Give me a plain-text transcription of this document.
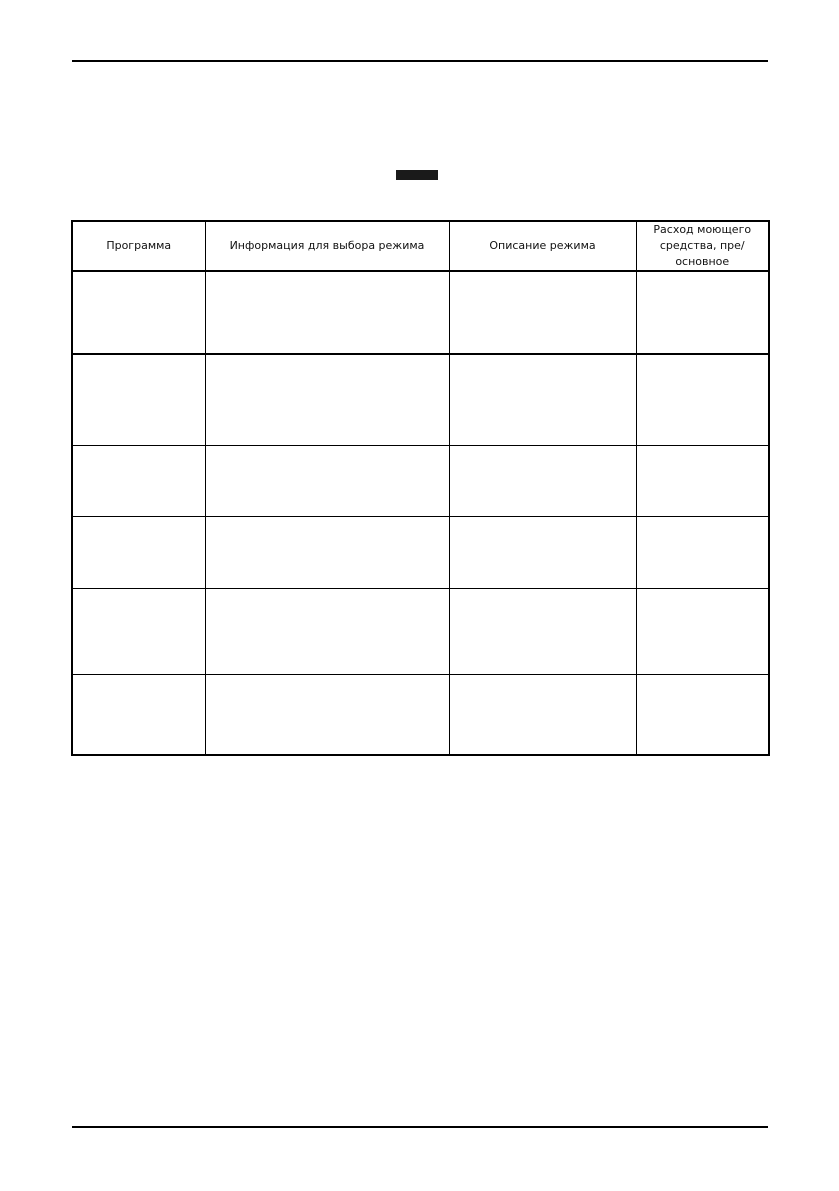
Программа	Информация для выбора режима	Описание режима	Расход моющего средства, пре/основное
